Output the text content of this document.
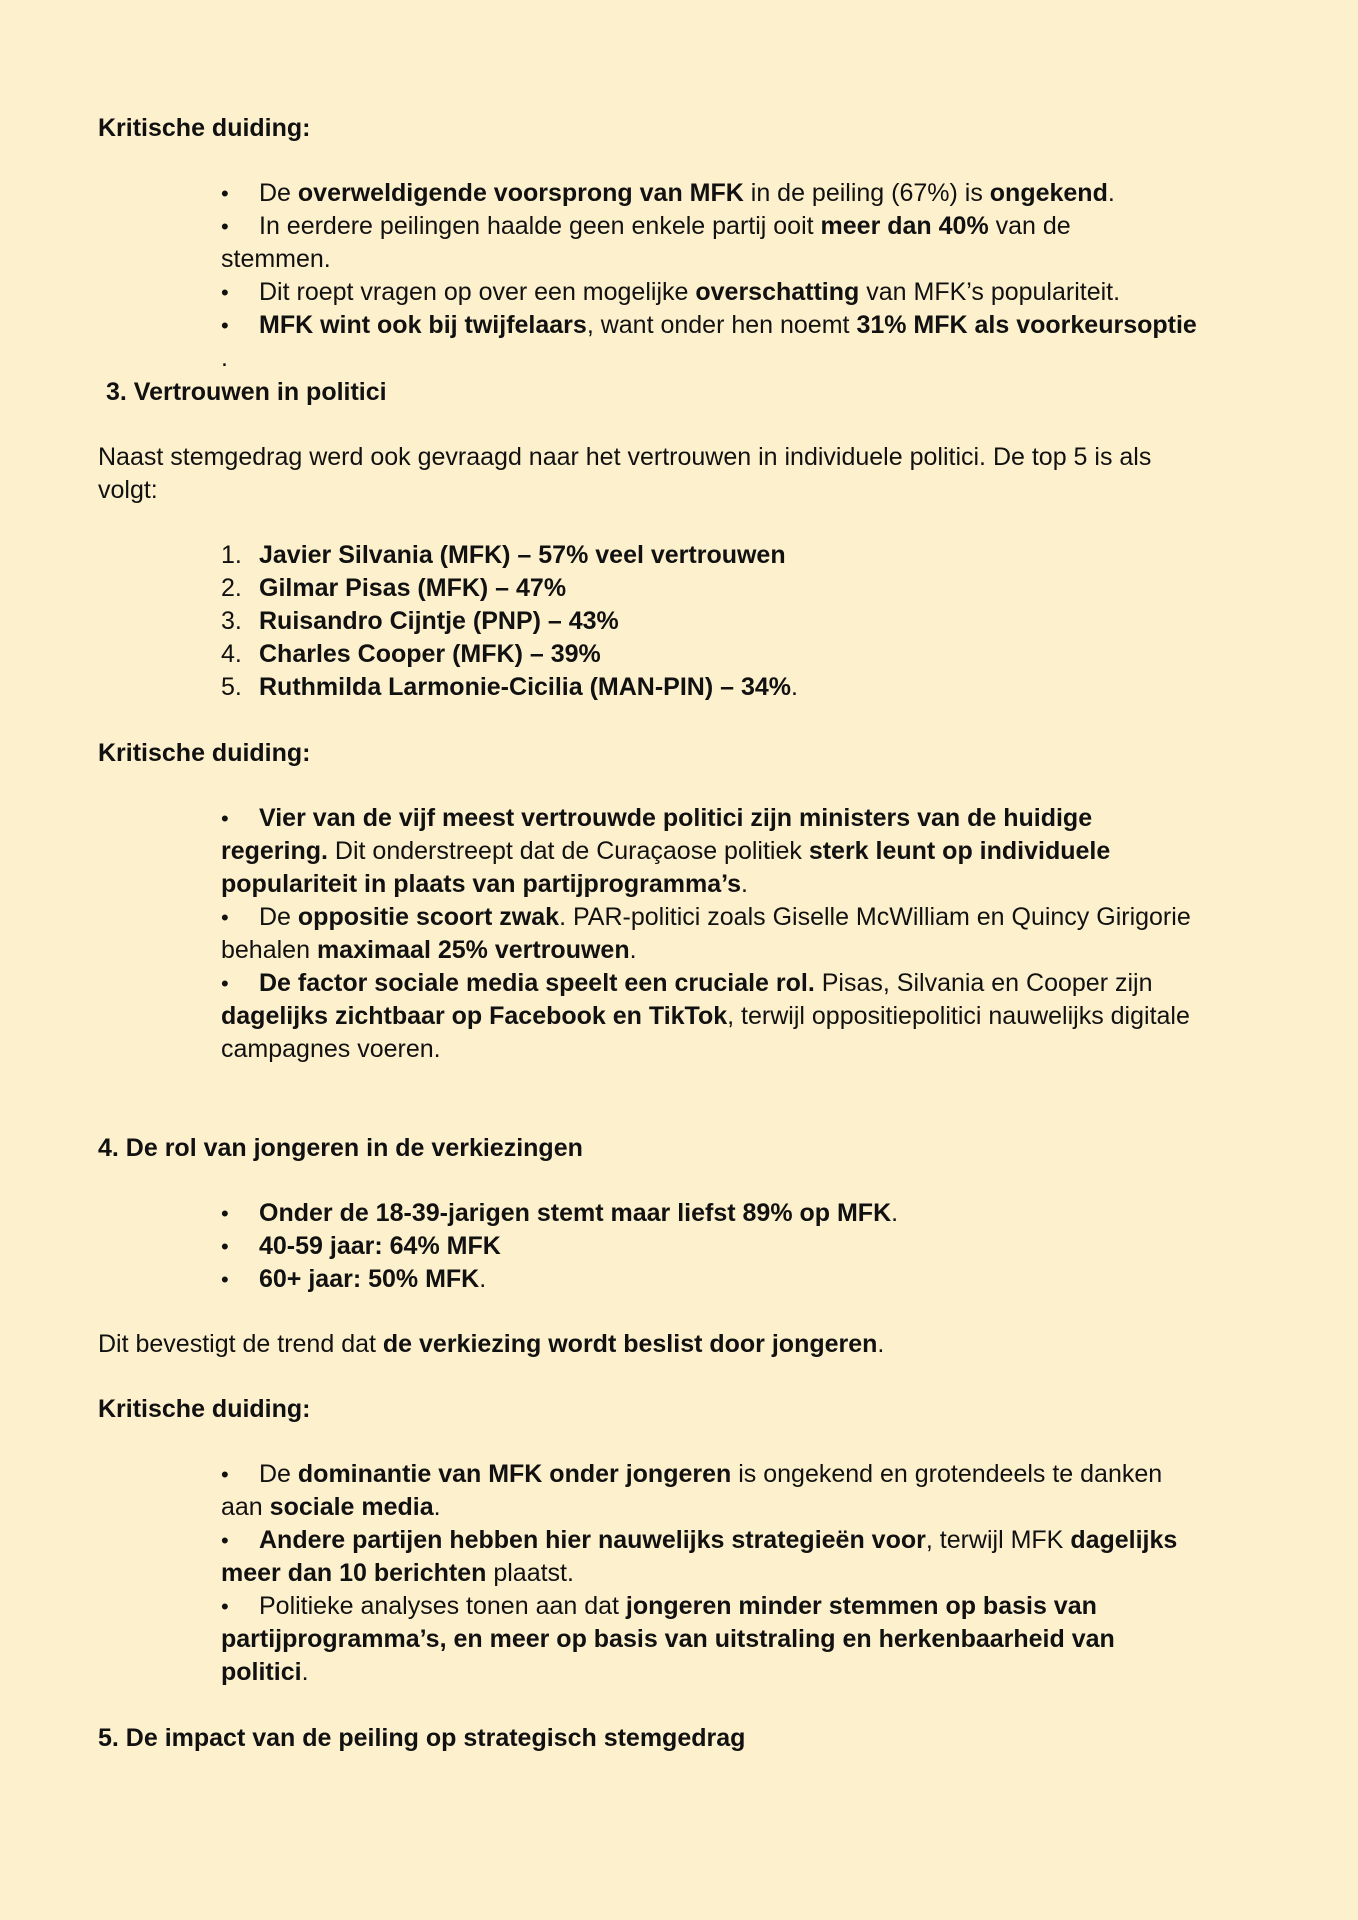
Kritische duiding:
• De overweldigende voorsprong van MFK in de peiling (67%) is ongekend.
• In eerdere peilingen haalde geen enkele partij ooit meer dan 40% van de
stemmen.
• Dit roept vragen op over een mogelijke overschatting van MFK’s populariteit.
• MFK wint ook bij twijfelaars, want onder hen noemt 31% MFK als voorkeursoptie
.
3. Vertrouwen in politici
Naast stemgedrag werd ook gevraagd naar het vertrouwen in individuele politici. De top 5 is als
volgt:
1. Javier Silvania (MFK) – 57% veel vertrouwen
2. Gilmar Pisas (MFK) – 47%
3. Ruisandro Cijntje (PNP) – 43%
4. Charles Cooper (MFK) – 39%
5. Ruthmilda Larmonie-Cicilia (MAN-PIN) – 34%.
Kritische duiding:
• Vier van de vijf meest vertrouwde politici zijn ministers van de huidige
regering. Dit onderstreept dat de Curaçaose politiek sterk leunt op individuele
populariteit in plaats van partijprogramma’s.
• De oppositie scoort zwak. PAR-politici zoals Giselle McWilliam en Quincy Girigorie
behalen maximaal 25% vertrouwen.
• De factor sociale media speelt een cruciale rol. Pisas, Silvania en Cooper zijn
dagelijks zichtbaar op Facebook en TikTok, terwijl oppositiepolitici nauwelijks digitale
campagnes voeren.
4. De rol van jongeren in de verkiezingen
• Onder de 18-39-jarigen stemt maar liefst 89% op MFK.
• 40-59 jaar: 64% MFK
• 60+ jaar: 50% MFK.
Dit bevestigt de trend dat de verkiezing wordt beslist door jongeren.
Kritische duiding:
• De dominantie van MFK onder jongeren is ongekend en grotendeels te danken
aan sociale media.
• Andere partijen hebben hier nauwelijks strategieën voor, terwijl MFK dagelijks
meer dan 10 berichten plaatst.
• Politieke analyses tonen aan dat jongeren minder stemmen op basis van
partijprogramma’s, en meer op basis van uitstraling en herkenbaarheid van
politici.
5. De impact van de peiling op strategisch stemgedrag
